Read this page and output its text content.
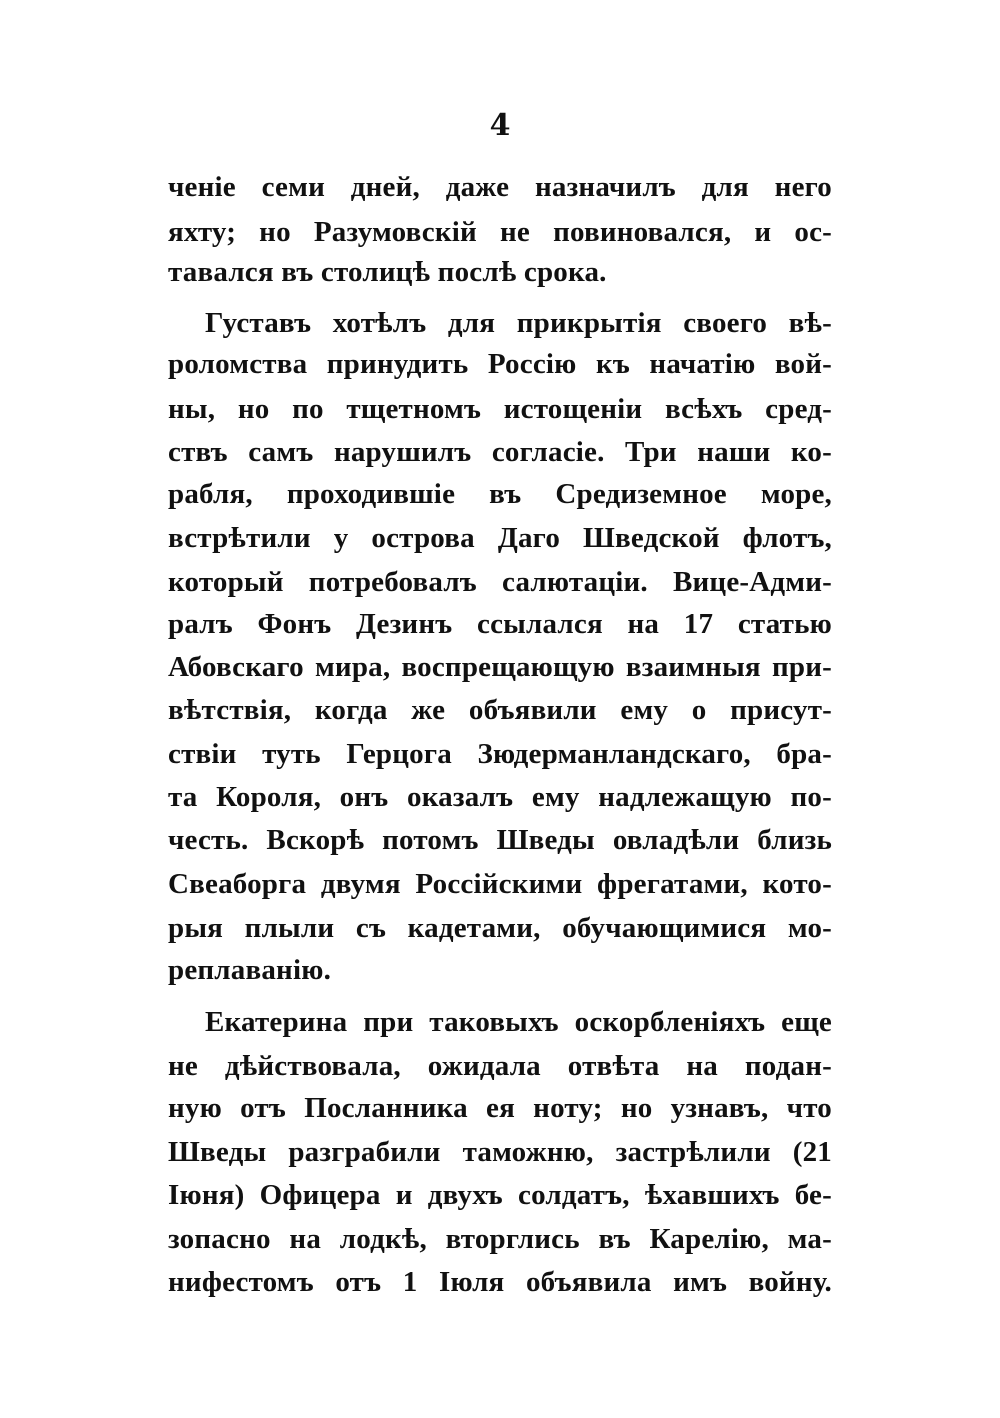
4
ченіе семи дней, даже назначилъ для него
яхту; но Разумовскій не повиновался, и ос-
тавался въ столицѣ послѣ срока.
Густавъ хотѣлъ для прикрытія своего вѣ-
роломства принудить Россію къ начатію вой-
ны, но по тщетномъ истощеніи всѣхъ сред-
ствъ самъ нарушилъ согласіе. Три наши ко-
рабля, проходившіе въ Средиземное море,
встрѣтили у острова Даго Шведской флотъ,
который потребовалъ салютаціи. Вице-Адми-
ралъ Фонъ Дезинъ ссылался на 17 статью
Абовскаго мира, воспрещающую взаимныя при-
вѣтствія, когда же объявили ему о присут-
ствіи туть Герцога Зюдерманландскаго, бра-
та Короля, онъ оказалъ ему надлежащую по-
честь. Вскорѣ потомъ Шведы овладѣли близь
Свеаборга двумя Россійскими фрегатами, кото-
рыя плыли съ кадетами, обучающимися мо-
реплаванію.
Екатерина при таковыхъ оскорбленіяхъ еще
не дѣйствовала, ожидала отвѣта на подан-
ную отъ Посланника ея ноту; но узнавъ, что
Шведы разграбили таможню, застрѣлили (21
Іюня) Офицера и двухъ солдатъ, ѣхавшихъ бе-
зопасно на лодкѣ, вторглись въ Карелію, ма-
нифестомъ отъ 1 Іюля объявила имъ войну.
